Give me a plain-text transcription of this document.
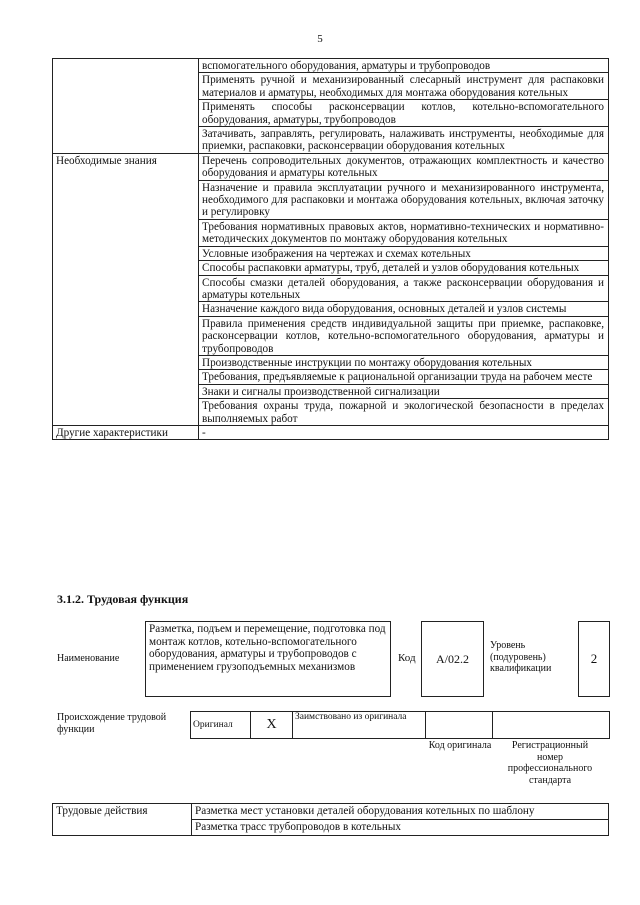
5
	вспомогательного оборудования, арматуры и трубопроводов
	Применять ручной и механизированный слесарный инструмент для распаковки материалов и арматуры, необходимых для монтажа оборудования котельных
	Применять способы расконсервации котлов, котельно-вспомогательного оборудования, арматуры, трубопроводов
	Затачивать, заправлять, регулировать, налаживать инструменты, необходимые для приемки, распаковки, расконсервации оборудования котельных
Необходимые знания	Перечень сопроводительных документов, отражающих комплектность и качество оборудования и арматуры котельных
	Назначение и правила эксплуатации ручного и механизированного инструмента, необходимого для распаковки и монтажа оборудования котельных, включая заточку и регулировку
	Требования нормативных правовых актов, нормативно-технических и нормативно-методических документов по монтажу оборудования котельных
	Условные изображения на чертежах и схемах котельных
	Способы распаковки арматуры, труб, деталей и узлов оборудования котельных
	Способы смазки деталей оборудования, а также расконсервации оборудования и арматуры котельных
	Назначение каждого вида оборудования, основных деталей и узлов системы
	Правила применения средств индивидуальной защиты при приемке, распаковке, расконсервации котлов, котельно-вспомогательного оборудования, арматуры и трубопроводов
	Производственные инструкции по монтажу оборудования котельных
	Требования, предъявляемые к рациональной организации труда на рабочем месте
	Знаки и сигналы производственной сигнализации
	Требования охраны труда, пожарной и экологической безопасности в пределах выполняемых работ
Другие характеристики	-
3.1.2. Трудовая функция
Наименование
Разметка, подъем и перемещение, подготовка под монтаж котлов, котельно-вспомогательного оборудования, арматуры и трубопроводов с применением грузоподъемных механизмов
Код	A/02.2
Уровень (подуровень) квалификации
2
Происхождение трудовой функции	Оригинал	X	Заимствовано из оригинала		
Код оригинала	Регистрационный номер профессионального стандарта
Трудовые действия	Разметка мест установки деталей оборудования котельных по шаблону
Разметка трасс трубопроводов в котельных
